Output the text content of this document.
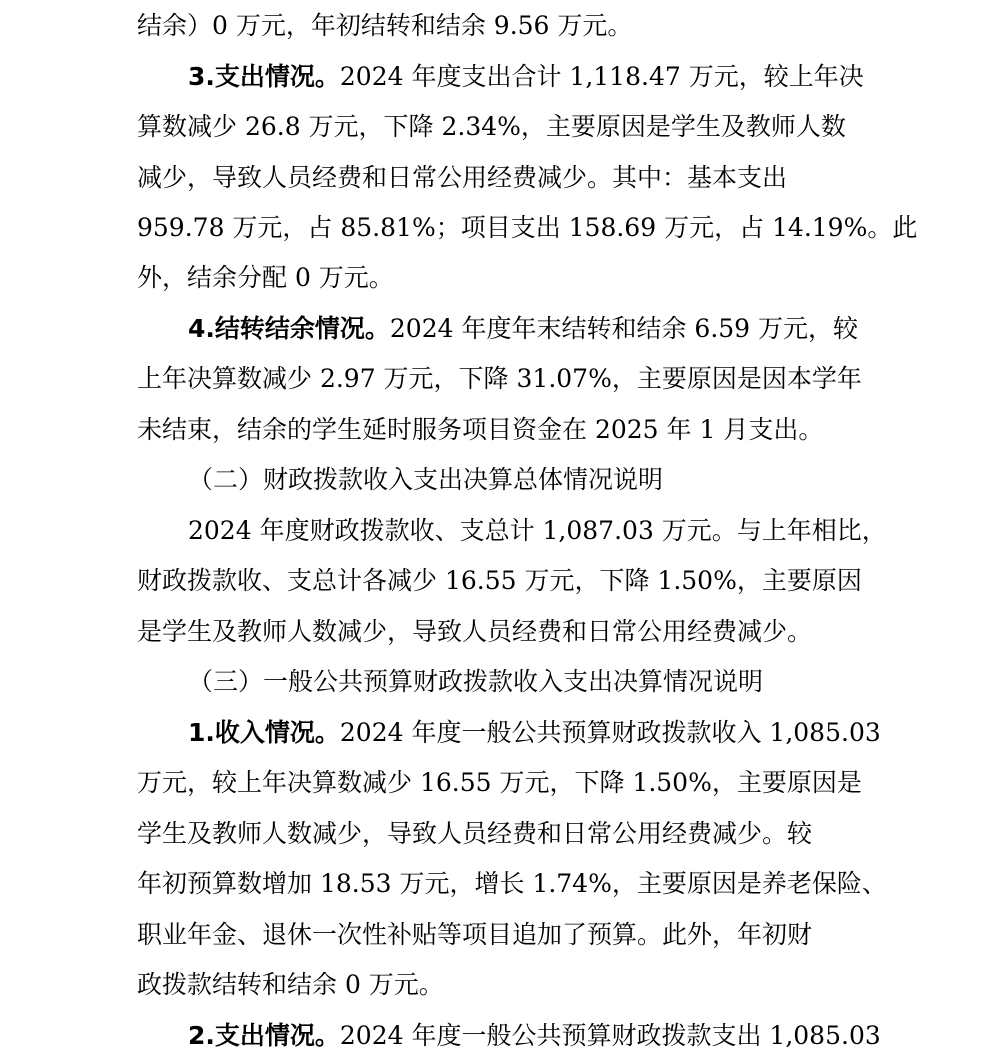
结余）0 万元，年初结转和结余 9.56 万元。
3.支出情况。2024 年度支出合计 1,118.47 万元，较上年决
算数减少 26.8 万元，下降 2.34%，主要原因是学生及教师人数
减少，导致人员经费和日常公用经费减少。其中：基本支出
959.78 万元，占 85.81%；项目支出 158.69 万元，占 14.19%。此
外，结余分配 0 万元。
4.结转结余情况。2024 年度年末结转和结余 6.59 万元，较
上年决算数减少 2.97 万元，下降 31.07%，主要原因是因本学年
未结束，结余的学生延时服务项目资金在 2025 年 1 月支出。
（二）财政拨款收入支出决算总体情况说明
2024 年度财政拨款收、支总计 1,087.03 万元。与上年相比，
财政拨款收、支总计各减少 16.55 万元，下降 1.50%，主要原因
是学生及教师人数减少，导致人员经费和日常公用经费减少。
（三）一般公共预算财政拨款收入支出决算情况说明
1.收入情况。2024 年度一般公共预算财政拨款收入 1,085.03
万元，较上年决算数减少 16.55 万元，下降 1.50%，主要原因是
学生及教师人数减少，导致人员经费和日常公用经费减少。较
年初预算数增加 18.53 万元，增长 1.74%，主要原因是养老保险、
职业年金、退休一次性补贴等项目追加了预算。此外，年初财
政拨款结转和结余 0 万元。
2.支出情况。2024 年度一般公共预算财政拨款支出 1,085.03
